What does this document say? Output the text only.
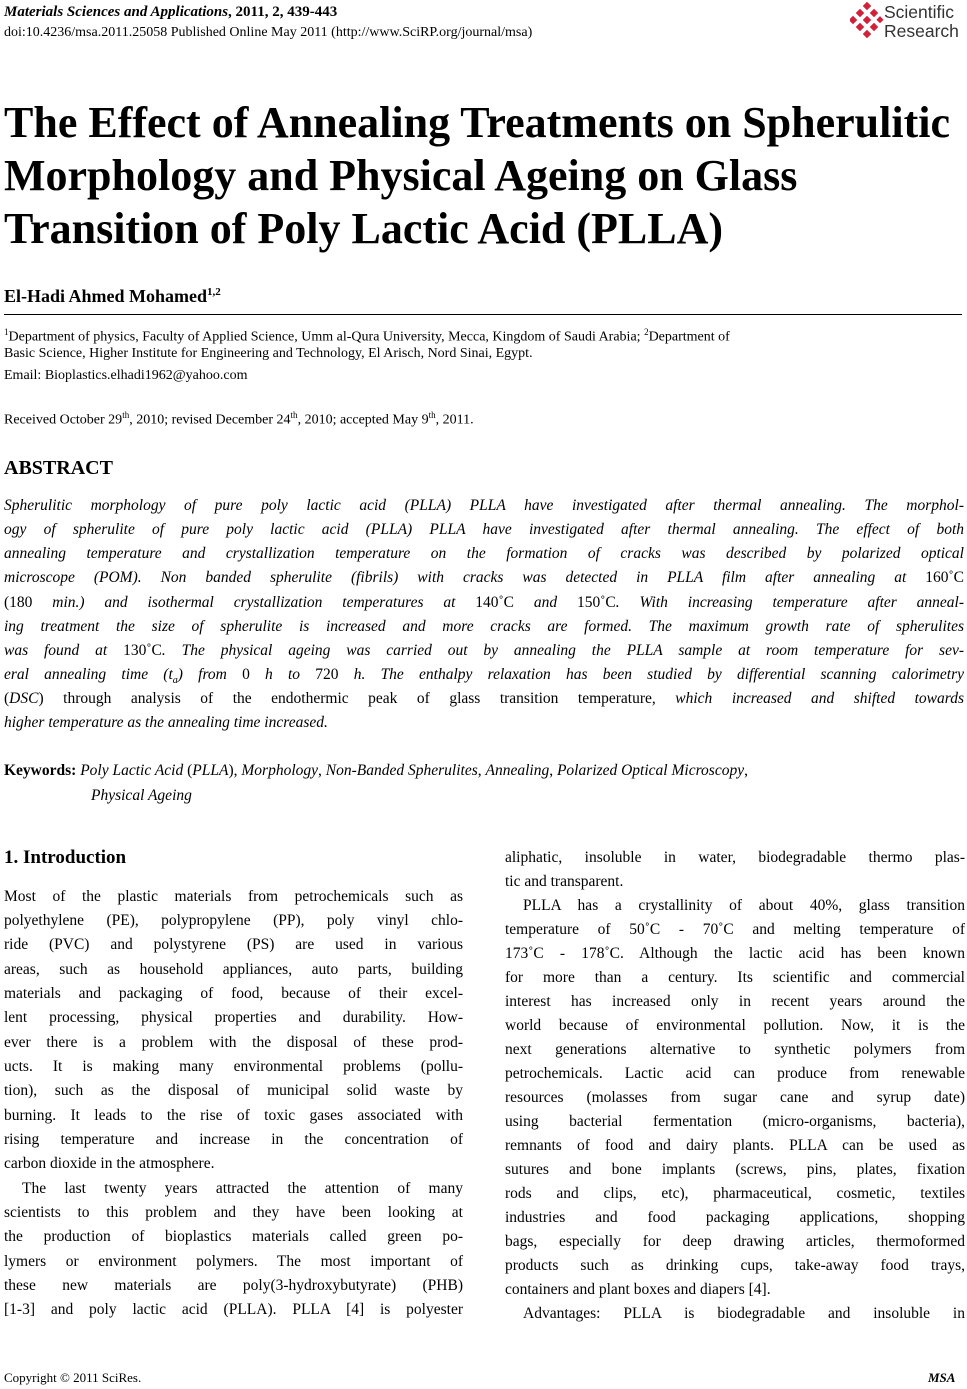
Materials Sciences and Applications, 2011, 2, 439-443
doi:10.4236/msa.2011.25058 Published Online May 2011 (http://www.SciRP.org/journal/msa)
Scientific
Research
The Effect of Annealing Treatments on Spherulitic Morphology and Physical Ageing on Glass Transition of Poly Lactic Acid (PLLA)
El-Hadi Ahmed Mohamed$^{1,2}$
$^1$Department of physics, Faculty of Applied Science, Umm al-Qura University, Mecca, Kingdom of Saudi Arabia; $^2$Department of
Basic Science, Higher Institute for Engineering and Technology, El Arisch, Nord Sinai, Egypt.
Email: Bioplastics.elhadi1962@yahoo.com
Received October 29th, 2010; revised December 24th, 2010; accepted May 9th, 2011.
ABSTRACT
Spherulitic morphology of pure poly lactic acid (PLLA) PLLA have investigated after thermal annealing. The morphol-
ogy of spherulite of pure poly lactic acid (PLLA) PLLA have investigated after thermal annealing. The effect of both
annealing temperature and crystallization temperature on the formation of cracks was described by polarized optical
microscope (POM). Non banded spherulite (fibrils) with cracks was detected in PLLA film after annealing at 160˚C
(180 min.) and isothermal crystallization temperatures at 140˚C and 150˚C. With increasing temperature after anneal-
ing treatment the size of spherulite is increased and more cracks are formed. The maximum growth rate of spherulites
was found at 130˚C. The physical ageing was carried out by annealing the PLLA sample at room temperature for sev-
eral annealing time $(t_a)$ from 0 h to 720 h. The enthalpy relaxation has been studied by differential scanning calorimetry
(DSC) through analysis of the endothermic peak of glass transition temperature, which increased and shifted towards
higher temperature as the annealing time increased.
Keywords: Poly Lactic Acid (PLLA), Morphology, Non-Banded Spherulites, Annealing, Polarized Optical Microscopy,
Physical Ageing
1. Introduction
Most of the plastic materials from petrochemicals such as
polyethylene (PE), polypropylene (PP), poly vinyl chlo-
ride (PVC) and polystyrene (PS) are used in various
areas, such as household appliances, auto parts, building
materials and packaging of food, because of their excel-
lent processing, physical properties and durability. How-
ever there is a problem with the disposal of these prod-
ucts. It is making many environmental problems (pollu-
tion), such as the disposal of municipal solid waste by
burning. It leads to the rise of toxic gases associated with
rising temperature and increase in the concentration of
carbon dioxide in the atmosphere.
The last twenty years attracted the attention of many
scientists to this problem and they have been looking at
the production of bioplastics materials called green po-
lymers or environment polymers. The most important of
these new materials are poly(3-hydroxybutyrate) (PHB)
[1-3] and poly lactic acid (PLLA). PLLA [4] is polyester
aliphatic, insoluble in water, biodegradable thermo plas-
tic and transparent.
PLLA has a crystallinity of about 40%, glass transition
temperature of 50˚C - 70˚C and melting temperature of
173˚C - 178˚C. Although the lactic acid has been known
for more than a century. Its scientific and commercial
interest has increased only in recent years around the
world because of environmental pollution. Now, it is the
next generations alternative to synthetic polymers from
petrochemicals. Lactic acid can produce from renewable
resources (molasses from sugar cane and syrup date)
using bacterial fermentation (micro-organisms, bacteria),
remnants of food and dairy plants. PLLA can be used as
sutures and bone implants (screws, pins, plates, fixation
rods and clips, etc), pharmaceutical, cosmetic, textiles
industries and food packaging applications, shopping
bags, especially for deep drawing articles, thermoformed
products such as drinking cups, take-away food trays,
containers and plant boxes and diapers [4].
Advantages: PLLA is biodegradable and insoluble in
Copyright © 2011 SciRes.	MSA
